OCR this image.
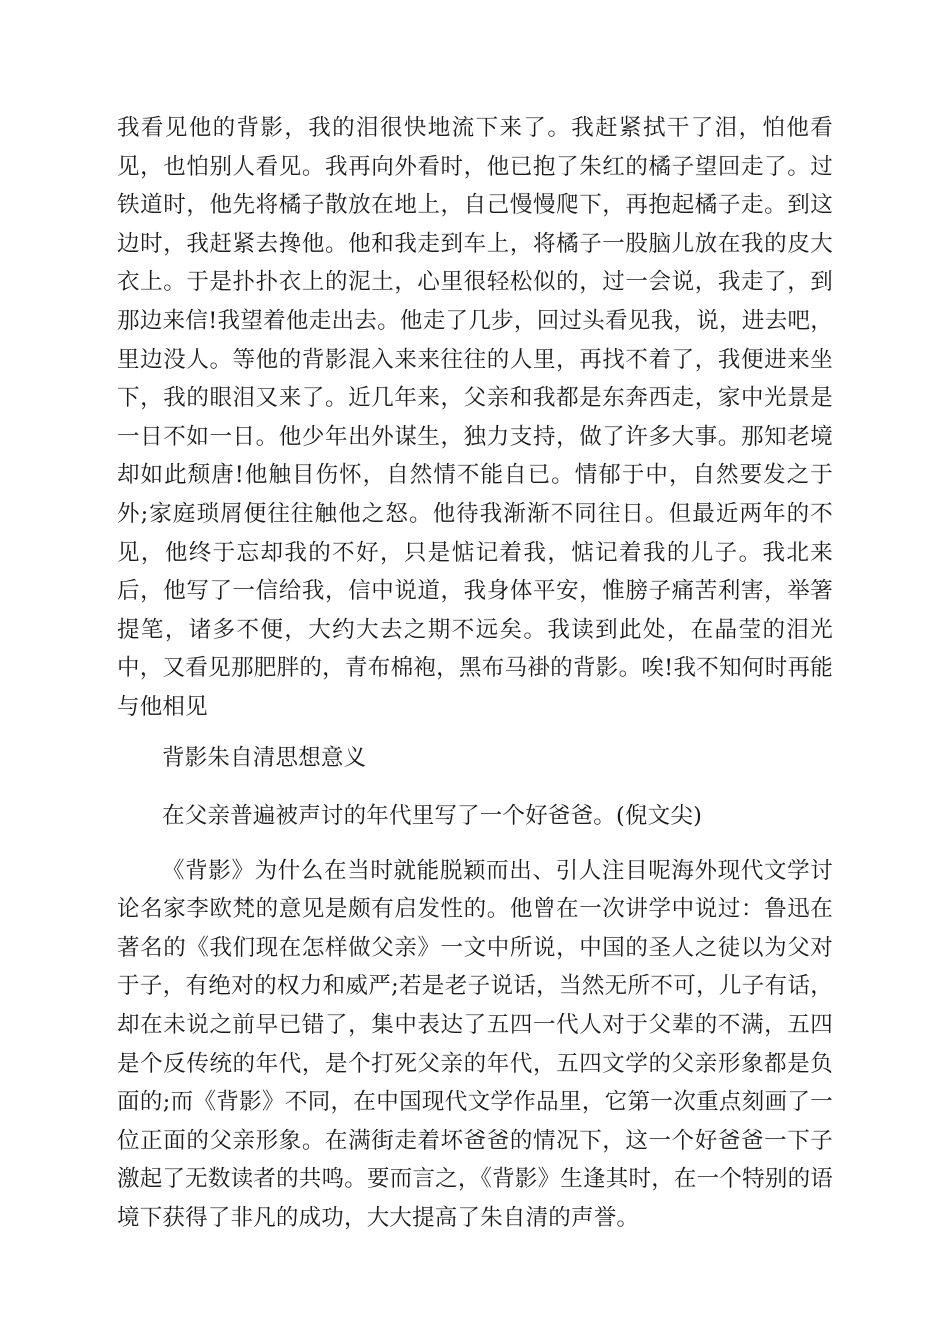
我看见他的背影，我的泪很快地流下来了。我赶紧拭干了泪，怕他看见，也怕别人看见。我再向外看时，他已抱了朱红的橘子望回走了。过铁道时，他先将橘子散放在地上，自己慢慢爬下，再抱起橘子走。到这边时，我赶紧去搀他。他和我走到车上，将橘子一股脑儿放在我的皮大衣上。于是扑扑衣上的泥土，心里很轻松似的，过一会说，我走了，到那边来信!我望着他走出去。他走了几步，回过头看见我，说，进去吧，里边没人。等他的背影混入来来往往的人里，再找不着了，我便进来坐下，我的眼泪又来了。近几年来，父亲和我都是东奔西走，家中光景是一日不如一日。他少年出外谋生，独力支持，做了许多大事。那知老境却如此颓唐!他触目伤怀，自然情不能自已。情郁于中，自然要发之于外;家庭琐屑便往往触他之怒。他待我渐渐不同往日。但最近两年的不见，他终于忘却我的不好，只是惦记着我，惦记着我的儿子。我北来后，他写了一信给我，信中说道，我身体平安，惟膀子痛苦利害，举箸提笔，诸多不便，大约大去之期不远矣。我读到此处，在晶莹的泪光中，又看见那肥胖的，青布棉袍，黑布马褂的背影。唉!我不知何时再能与他相见

背影朱自清思想意义

在父亲普遍被声讨的年代里写了一个好爸爸。(倪文尖)

《背影》为什么在当时就能脱颖而出、引人注目呢海外现代文学讨论名家李欧梵的意见是颇有启发性的。他曾在一次讲学中说过：鲁迅在著名的《我们现在怎样做父亲》一文中所说，中国的圣人之徒以为父对于子，有绝对的权力和威严;若是老子说话，当然无所不可，儿子有话，却在未说之前早已错了，集中表达了五四一代人对于父辈的不满，五四是个反传统的年代，是个打死父亲的年代，五四文学的父亲形象都是负面的;而《背影》不同，在中国现代文学作品里，它第一次重点刻画了一位正面的父亲形象。在满街走着坏爸爸的情况下，这一个好爸爸一下子激起了无数读者的共鸣。要而言之，《背影》生逢其时，在一个特别的语境下获得了非凡的成功，大大提高了朱自清的声誉。
